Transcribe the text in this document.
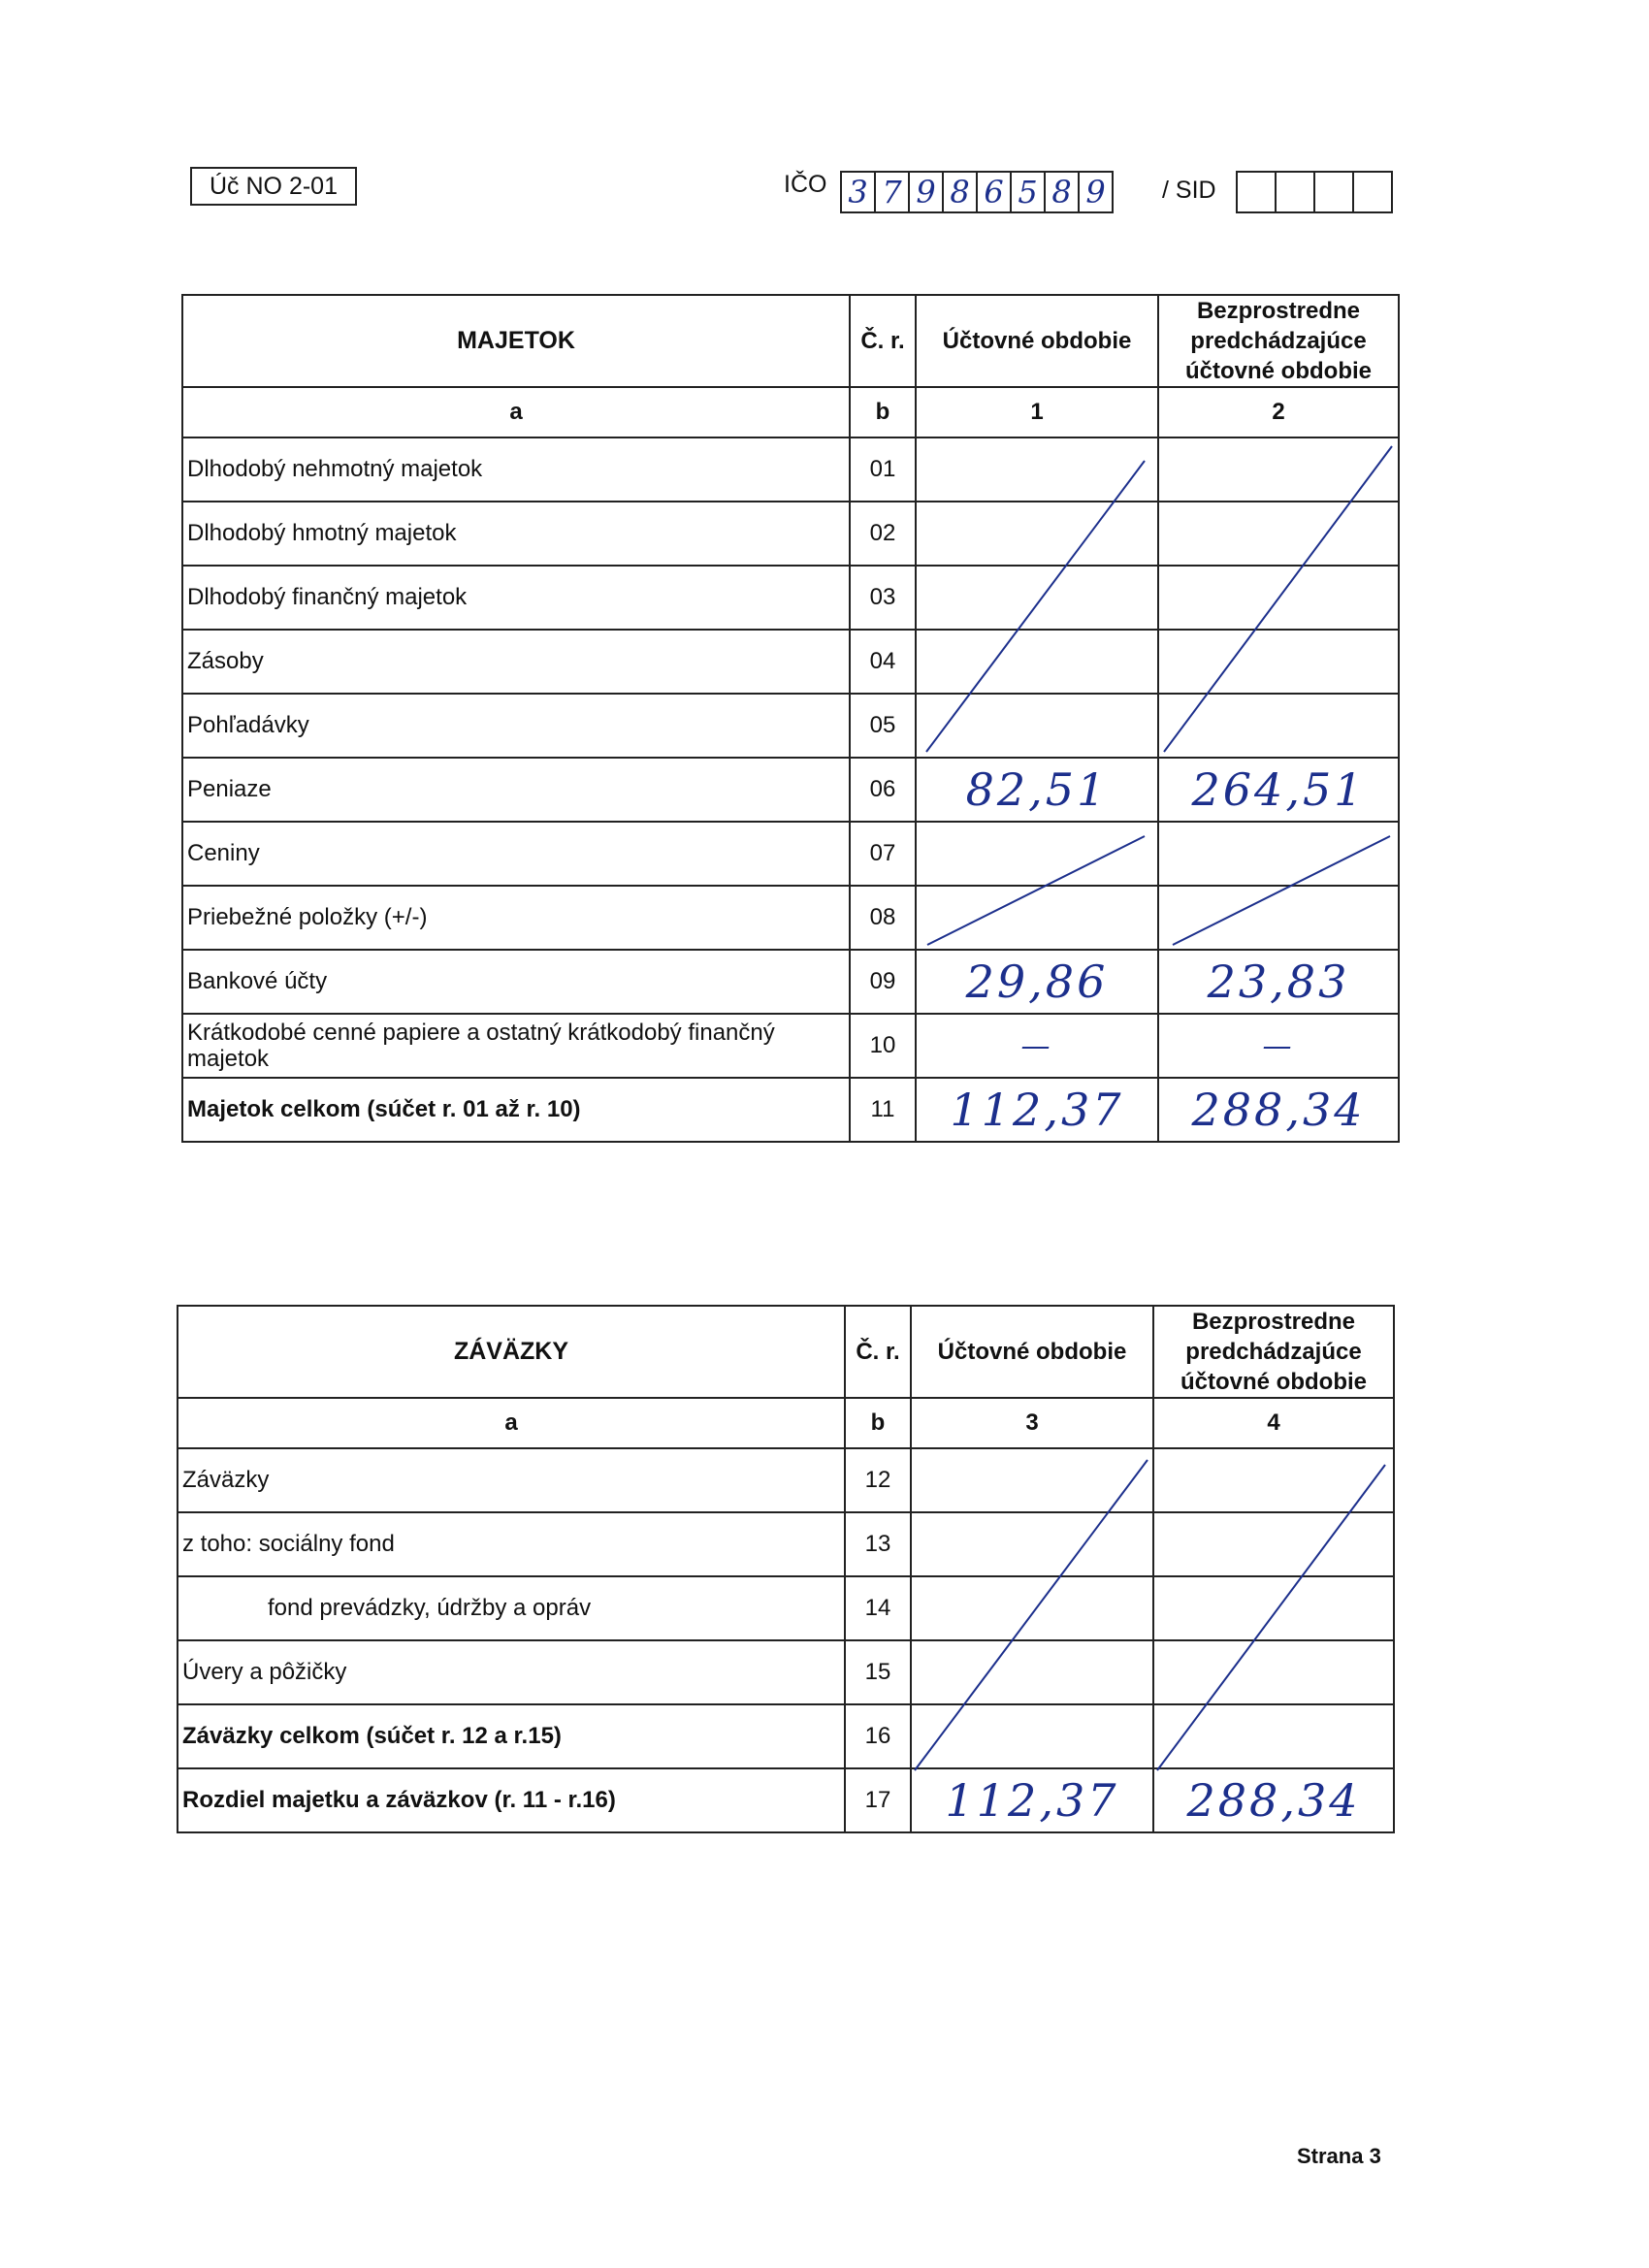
Úč NO 2-01	IČO 3 7 9 8 6 5 8 9 / SID
MAJETOK	Č. r.	Účtovné obdobie	Bezprostredne predchádzajúce účtovné obdobie
a	b	1	2
Dlhodobý nehmotný majetok	01		
Dlhodobý hmotný majetok	02		
Dlhodobý finančný majetok	03		
Zásoby	04		
Pohľadávky	05		
Peniaze	06	82,51	264,51
Ceniny	07		
Priebežné položky (+/-)	08		
Bankové účty	09	29,86	23,83
Krátkodobé cenné papiere a ostatný krátkodobý finančný majetok	10	—	—
Majetok celkom (súčet r. 01 až r. 10)	11	112,37	288,34
ZÁVÄZKY	Č. r.	Účtovné obdobie	Bezprostredne predchádzajúce účtovné obdobie
a	b	3	4
Záväzky	12		
z toho: sociálny fond	13		
fond prevádzky, údržby a opráv	14		
Úvery a pôžičky	15		
Záväzky celkom (súčet r. 12 a r.15)	16		
Rozdiel majetku a záväzkov (r. 11 - r.16)	17	112,37	288,34
Strana 3
